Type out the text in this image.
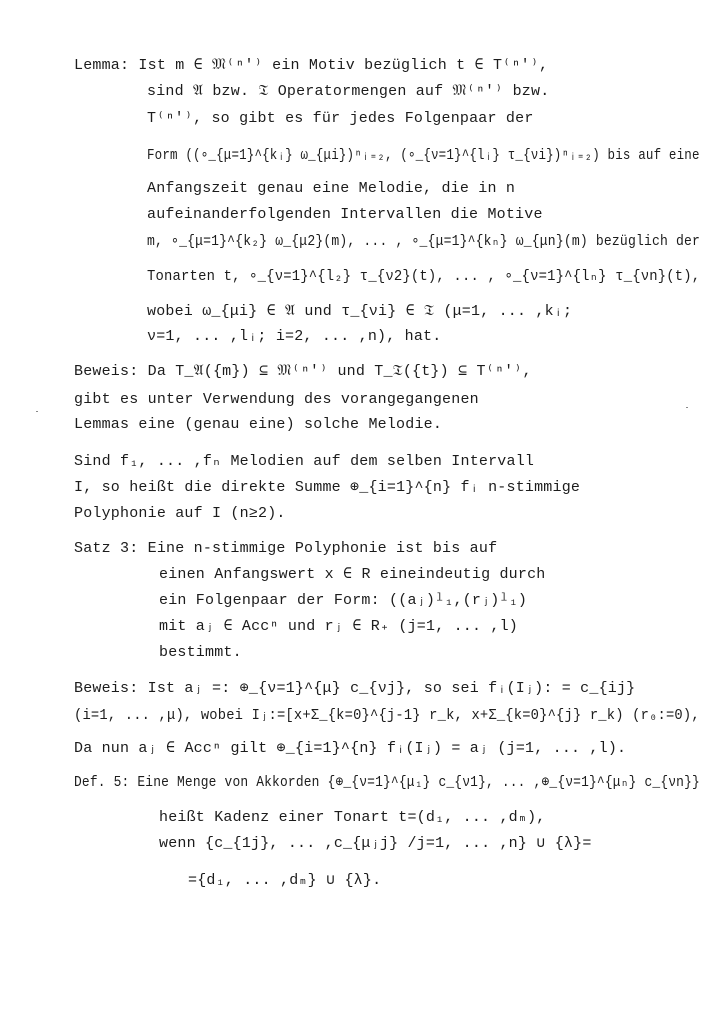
Lemma: Ist m ∈ 𝔐⁽ⁿ′⁾ ein Motiv bezüglich t ∈ T⁽ⁿ′⁾,
sind 𝔄 bzw. 𝔗 Operatormengen auf 𝔐⁽ⁿ′⁾ bzw.
T⁽ⁿ′⁾, so gibt es für jedes Folgenpaar der
Form ((∘_{μ=1}^{kᵢ} ω_{μi})ⁿᵢ₌₂, (∘_{ν=1}^{lᵢ} τ_{νi})ⁿᵢ₌₂) bis auf eine
Anfangszeit genau eine Melodie, die in n
aufeinanderfolgenden Intervallen die Motive
m, ∘_{μ=1}^{k₂} ω_{μ2}(m), ... , ∘_{μ=1}^{kₙ} ω_{μn}(m) bezüglich der
Tonarten t, ∘_{ν=1}^{l₂} τ_{ν2}(t), ... , ∘_{ν=1}^{lₙ} τ_{νn}(t),
wobei ω_{μi} ∈ 𝔄 und τ_{νi} ∈ 𝔗 (μ=1, ... ,kᵢ;
ν=1, ... ,lᵢ; i=2, ... ,n), hat.
Beweis: Da T_𝔄({m}) ⊆ 𝔐⁽ⁿ′⁾ und T_𝔗({t}) ⊆ T⁽ⁿ′⁾,
gibt es unter Verwendung des vorangegangenen
Lemmas eine (genau eine) solche Melodie.
Sind f₁, ... ,fₙ Melodien auf dem selben Intervall
I, so heißt die direkte Summe ⊕_{i=1}^{n} fᵢ n-stimmige
Polyphonie auf I (n≥2).
Satz 3: Eine n-stimmige Polyphonie ist bis auf
einen Anfangswert x ∈ R eineindeutig durch
ein Folgenpaar der Form: ((aⱼ)ˡ₁,(rⱼ)ˡ₁)
mit aⱼ ∈ Accⁿ und rⱼ ∈ R₊ (j=1, ... ,l)
bestimmt.
Beweis: Ist aⱼ =: ⊕_{ν=1}^{μ} c_{νj}, so sei fᵢ(Iⱼ): = c_{ij}
(i=1, ... ,μ), wobei Iⱼ:=[x+Σ_{k=0}^{j-1} r_k, x+Σ_{k=0}^{j} r_k) (r₀:=0),
Da nun aⱼ ∈ Accⁿ gilt ⊕_{i=1}^{n} fᵢ(Iⱼ) = aⱼ (j=1, ... ,l).
Def. 5: Eine Menge von Akkorden {⊕_{ν=1}^{μ₁} c_{ν1}, ... ,⊕_{ν=1}^{μₙ} c_{νn}}
heißt Kadenz einer Tonart t=(d₁, ... ,dₘ),
wenn {c_{1j}, ... ,c_{μⱼj} /j=1, ... ,n} ∪ {λ}=
={d₁, ... ,dₘ} ∪ {λ}.
